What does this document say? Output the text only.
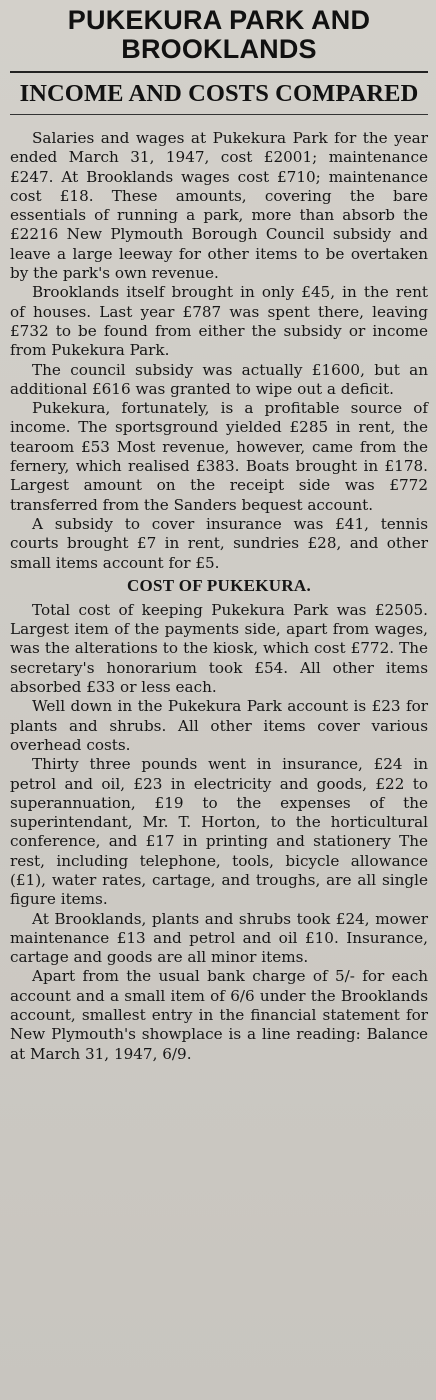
PUKEKURA PARK AND BROOKLANDS
INCOME AND COSTS COMPARED

Salaries and wages at Pukekura Park for the year ended March 31, 1947, cost £2001; maintenance £247. At Brooklands wages cost £710; maintenance cost £18. These amounts, covering the bare essentials of running a park, more than absorb the £2216 New Plymouth Borough Council subsidy and leave a large leeway for other items to be overtaken by the park's own revenue.

Brooklands itself brought in only £45, in the rent of houses. Last year £787 was spent there, leaving £732 to be found from either the subsidy or income from Pukekura Park.

The council subsidy was actually £1600, but an additional £616 was granted to wipe out a deficit.

Pukekura, fortunately, is a profitable source of income. The sportsground yielded £285 in rent, the tearoom £53 Most revenue, however, came from the fernery, which realised £383. Boats brought in £178. Largest amount on the receipt side was £772 transferred from the Sanders bequest account.

A subsidy to cover insurance was £41, tennis courts brought £7 in rent, sundries £28, and other small items account for £5.

COST OF PUKEKURA.

Total cost of keeping Pukekura Park was £2505. Largest item of the payments side, apart from wages, was the alterations to the kiosk, which cost £772. The secretary's honorarium took £54. All other items absorbed £33 or less each.

Well down in the Pukekura Park account is £23 for plants and shrubs. All other items cover various overhead costs.

Thirty three pounds went in insurance, £24 in petrol and oil, £23 in electricity and goods, £22 to superannuation, £19 to the expenses of the superintendant, Mr. T. Horton, to the horticultural conference, and £17 in printing and stationery The rest, including telephone, tools, bicycle allowance (£1), water rates, cartage, and troughs, are all single figure items.

At Brooklands, plants and shrubs took £24, mower maintenance £13 and petrol and oil £10. Insurance, cartage and goods are all minor items.

Apart from the usual bank charge of 5/- for each account and a small item of 6/6 under the Brooklands account, smallest entry in the financial statement for New Plymouth's showplace is a line reading: Balance at March 31, 1947, 6/9.
